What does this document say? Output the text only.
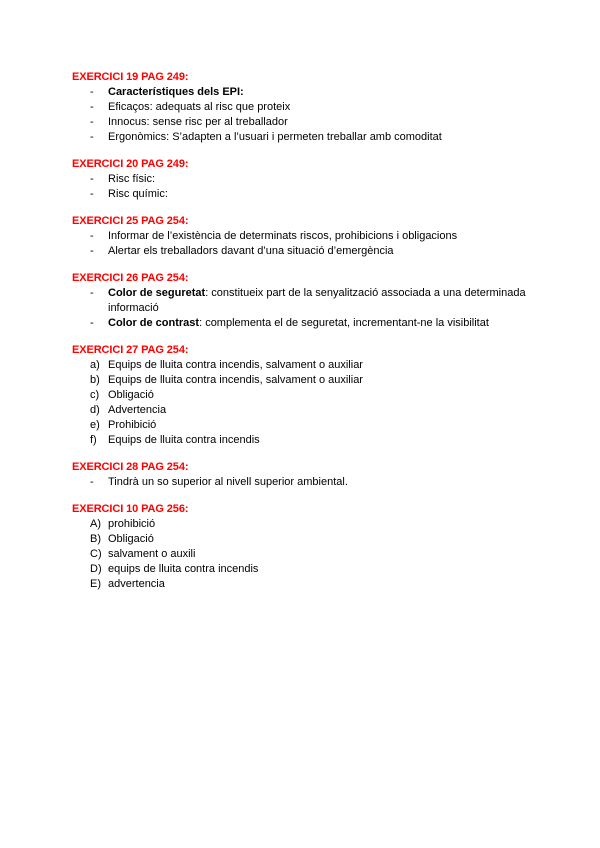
EXERCICI 19 PAG 249:
- Característiques dels EPI:
- Eficaços: adequats al risc que proteix
- Innocus: sense risc per al treballador
- Ergonòmics: S’adapten a l’usuari i permeten treballar amb comoditat
EXERCICI 20 PAG 249:
- Risc físic:
- Risc químic:
EXERCICI 25 PAG 254:
- Informar de l’existència de determinats riscos, prohibicions i obligacions
- Alertar els treballadors davant d’una situació d’emergència
EXERCICI 26 PAG 254:
- Color de seguretat: constitueix part de la senyalització associada a una determinada informació
- Color de contrast: complementa el de seguretat, incrementant-ne la visibilitat
EXERCICI 27 PAG 254:
a) Equips de lluita contra incendis, salvament o auxiliar
b) Equips de lluita contra incendis, salvament o auxiliar
c) Obligació
d) Advertencia
e) Prohibició
f) Equips de lluita contra incendis
EXERCICI 28 PAG 254:
- Tindrà un so superior al nivell superior ambiental.
EXERCICI 10 PAG 256:
A) prohibició
B) Obligació
C) salvament o auxili
D) equips de lluita contra incendis
E) advertencia
